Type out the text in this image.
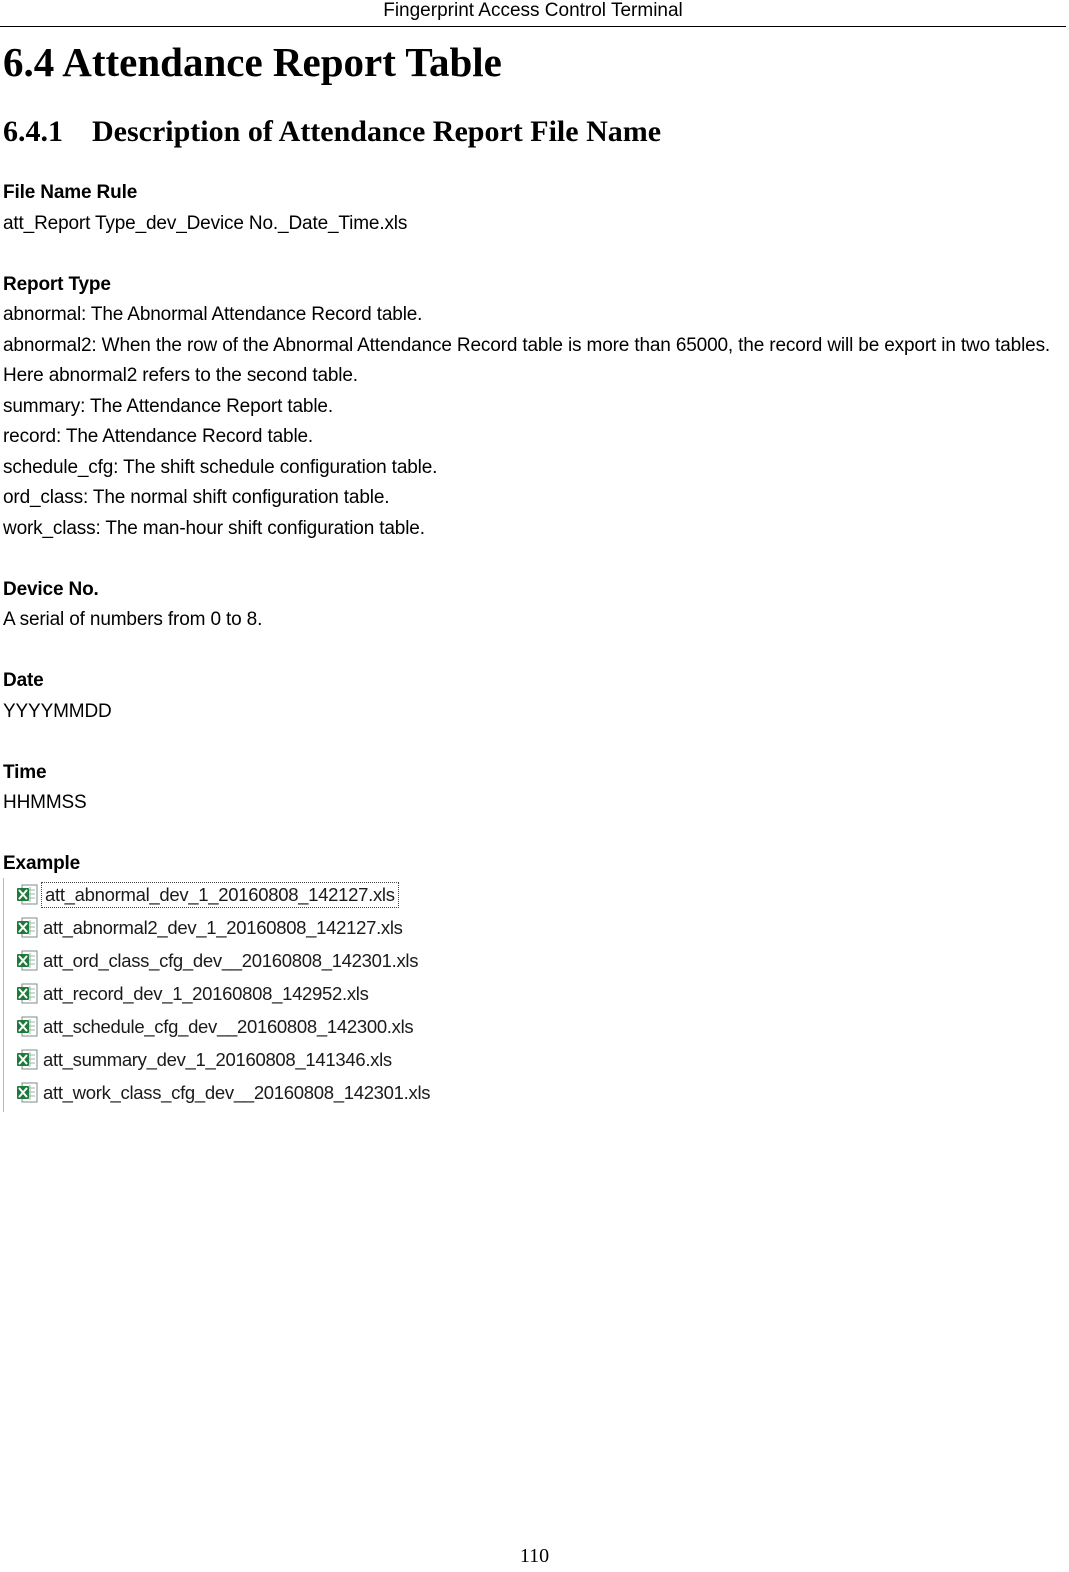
Fingerprint Access Control Terminal
6.4 Attendance Report Table
6.4.1 Description of Attendance Report File Name

File Name Rule

att_Report Type_dev_Device No._Date_Time.xls

Report Type

abnormal: The Abnormal Attendance Record table.

abnormal2: When the row of the Abnormal Attendance Record table is more than 65000, the record will be export in two tables. Here abnormal2 refers to the second table.

summary: The Attendance Report table.

record: The Attendance Record table.

schedule_cfg: The shift schedule configuration table.

ord_class: The normal shift configuration table.

work_class: The man-hour shift configuration table.

Device No.

A serial of numbers from 0 to 8.

Date

YYYYMMDD

Time

HHMMSS

Example

att_abnormal_dev_1_20160808_142127.xls
att_abnormal2_dev_1_20160808_142127.xls
att_ord_class_cfg_dev__20160808_142301.xls
att_record_dev_1_20160808_142952.xls
att_schedule_cfg_dev__20160808_142300.xls
att_summary_dev_1_20160808_141346.xls
att_work_class_cfg_dev__20160808_142301.xls
110
